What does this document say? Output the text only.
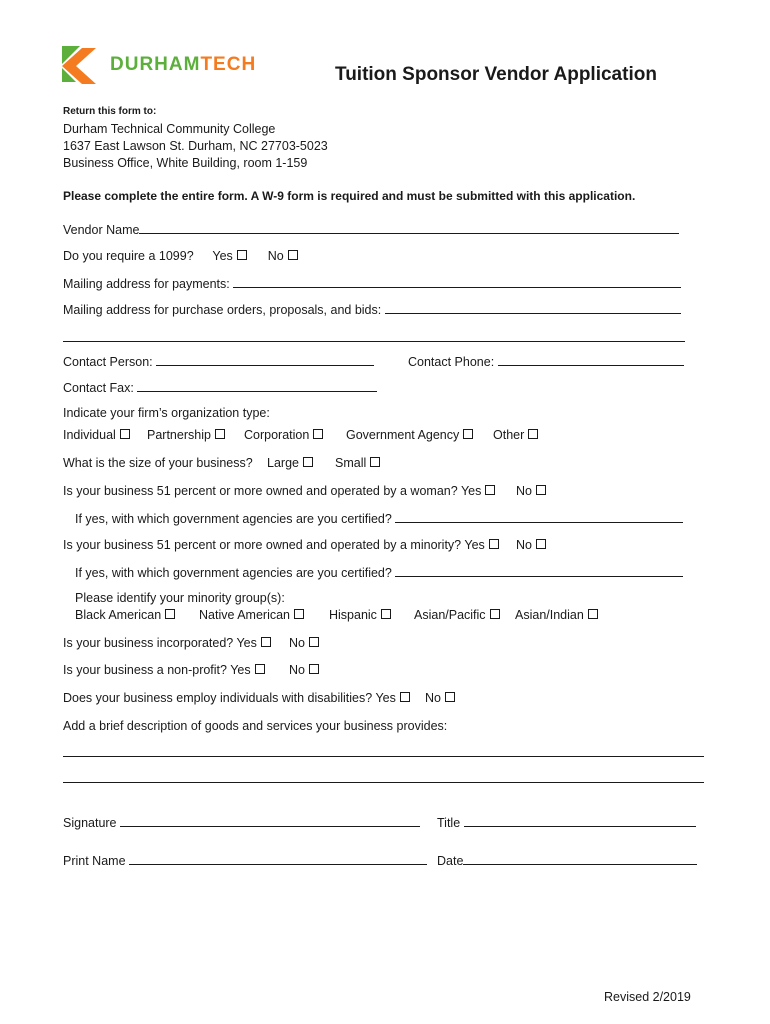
DURHAMTECH	Tuition Sponsor Vendor Application
Return this form to:
Durham Technical Community College
1637 East Lawson St. Durham, NC 27703-5023
Business Office, White Building, room 1-159
Please complete the entire form. A W-9 form is required and must be submitted with this application.
Vendor Name
Do you require a 1099? Yes	No
Mailing address for payments:
Mailing address for purchase orders, proposals, and bids:
Contact Person:	Contact Phone:
Contact Fax:
Indicate your firm’s organization type:
Individual	Partnership	Corporation	Government Agency	Other
What is the size of your business? Large	Small
Is your business 51 percent or more owned and operated by a woman? Yes	No
If yes, with which government agencies are you certified?
Is your business 51 percent or more owned and operated by a minority? Yes	No
If yes, with which government agencies are you certified?
Please identify your minority group(s):
Black American	Native American	Hispanic	Asian/Pacific	Asian/Indian
Is your business incorporated? Yes	No
Is your business a non-profit? Yes	No
Does your business employ individuals with disabilities? Yes	No
Add a brief description of goods and services your business provides:
Signature	Title
Print Name	Date
Revised 2/2019
